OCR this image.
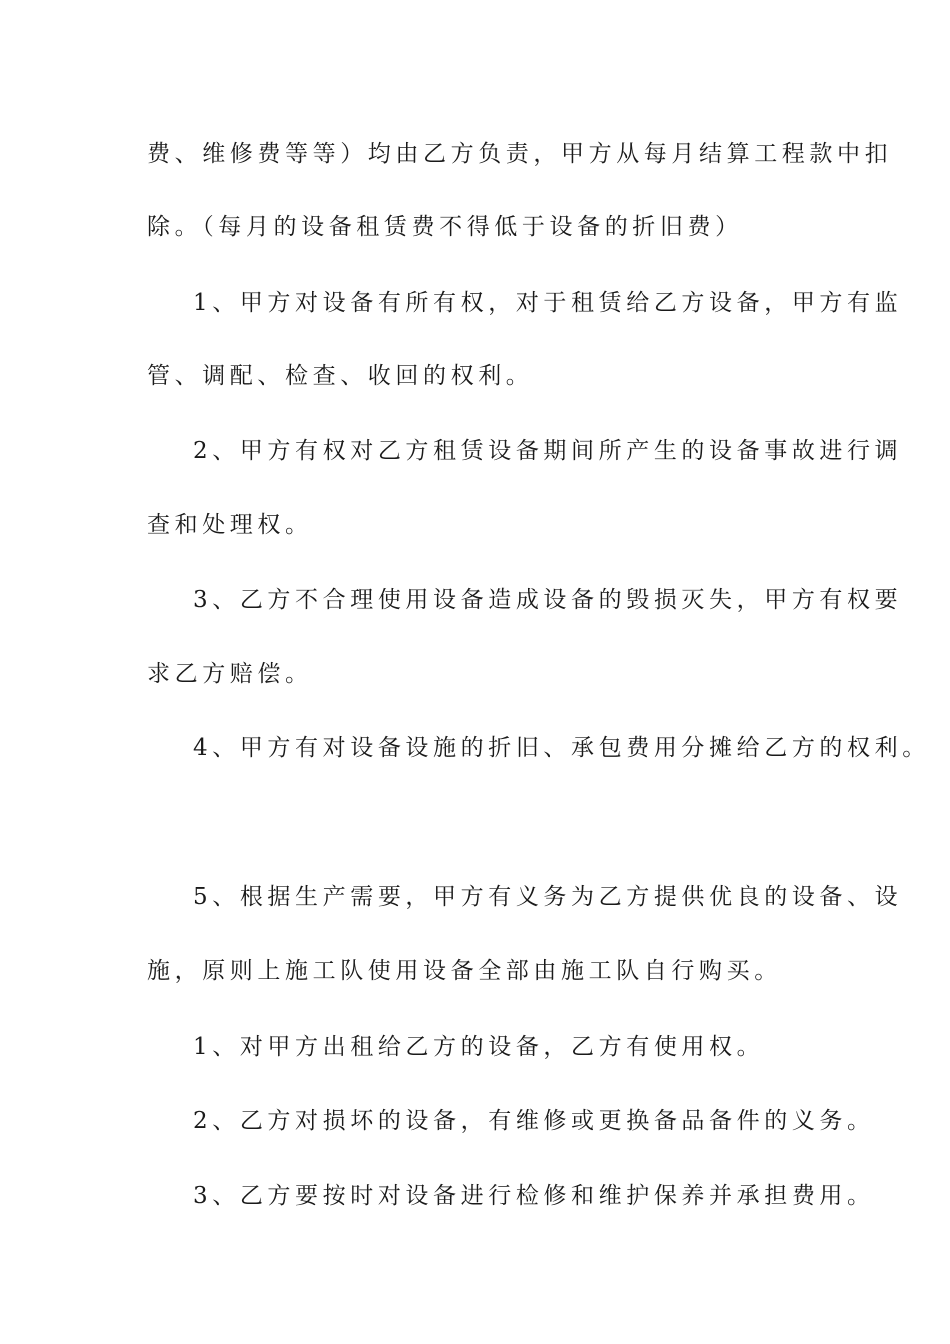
费、维修费等等）均由乙方负责，甲方从每月结算工程款中扣
除。（每月的设备租赁费不得低于设备的折旧费）
1、甲方对设备有所有权，对于租赁给乙方设备，甲方有监
管、调配、检查、收回的权利。
2、甲方有权对乙方租赁设备期间所产生的设备事故进行调
查和处理权。
3、乙方不合理使用设备造成设备的毁损灭失，甲方有权要
求乙方赔偿。
4、甲方有对设备设施的折旧、承包费用分摊给乙方的权利。
5、根据生产需要，甲方有义务为乙方提供优良的设备、设
施，原则上施工队使用设备全部由施工队自行购买。
1、对甲方出租给乙方的设备，乙方有使用权。
2、乙方对损坏的设备，有维修或更换备品备件的义务。
3、乙方要按时对设备进行检修和维护保养并承担费用。
